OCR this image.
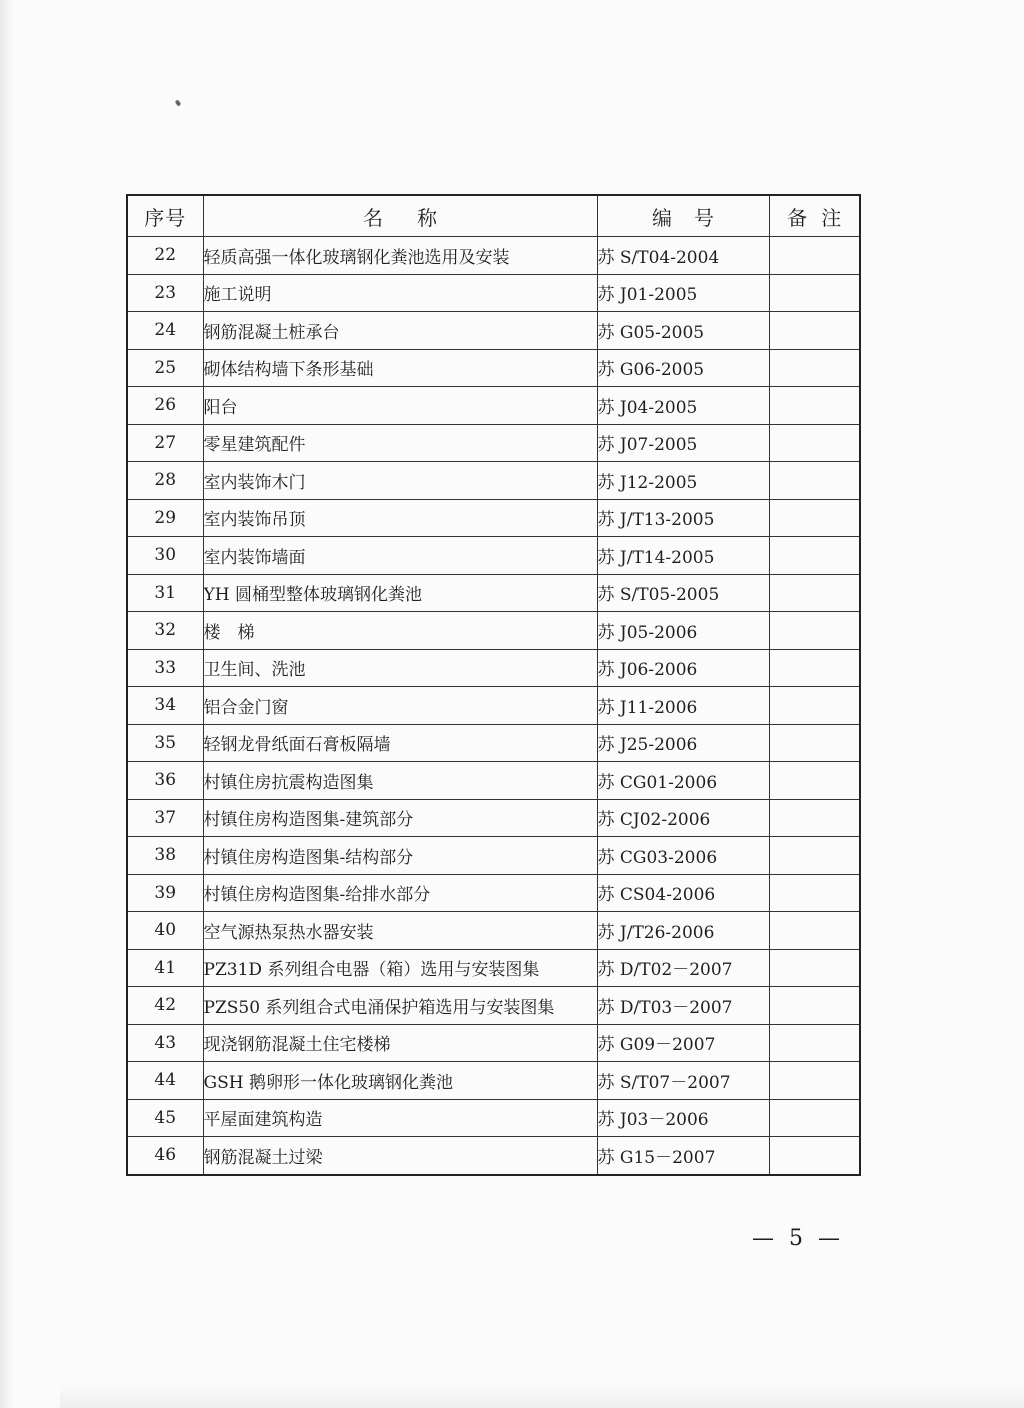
序号	名称	编号	备注
22	轻质高强一体化玻璃钢化粪池选用及安装	苏 S/T04-2004	
23	施工说明	苏 J01-2005	
24	钢筋混凝土桩承台	苏 G05-2005	
25	砌体结构墙下条形基础	苏 G06-2005	
26	阳台	苏 J04-2005	
27	零星建筑配件	苏 J07-2005	
28	室内装饰木门	苏 J12-2005	
29	室内装饰吊顶	苏 J/T13-2005	
30	室内装饰墙面	苏 J/T14-2005	
31	YH 圆桶型整体玻璃钢化粪池	苏 S/T05-2005	
32	楼　梯	苏 J05-2006	
33	卫生间、洗池	苏 J06-2006	
34	铝合金门窗	苏 J11-2006	
35	轻钢龙骨纸面石膏板隔墙	苏 J25-2006	
36	村镇住房抗震构造图集	苏 CG01-2006	
37	村镇住房构造图集-建筑部分	苏 CJ02-2006	
38	村镇住房构造图集-结构部分	苏 CG03-2006	
39	村镇住房构造图集-给排水部分	苏 CS04-2006	
40	空气源热泵热水器安装	苏 J/T26-2006	
41	PZ31D 系列组合电器（箱）选用与安装图集	苏 D/T02－2007	
42	PZS50 系列组合式电涌保护箱选用与安装图集	苏 D/T03－2007	
43	现浇钢筋混凝土住宅楼梯	苏 G09－2007	
44	GSH 鹅卵形一体化玻璃钢化粪池	苏 S/T07－2007	
45	平屋面建筑构造	苏 J03－2006	
46	钢筋混凝土过梁	苏 G15－2007	
— 5 —
